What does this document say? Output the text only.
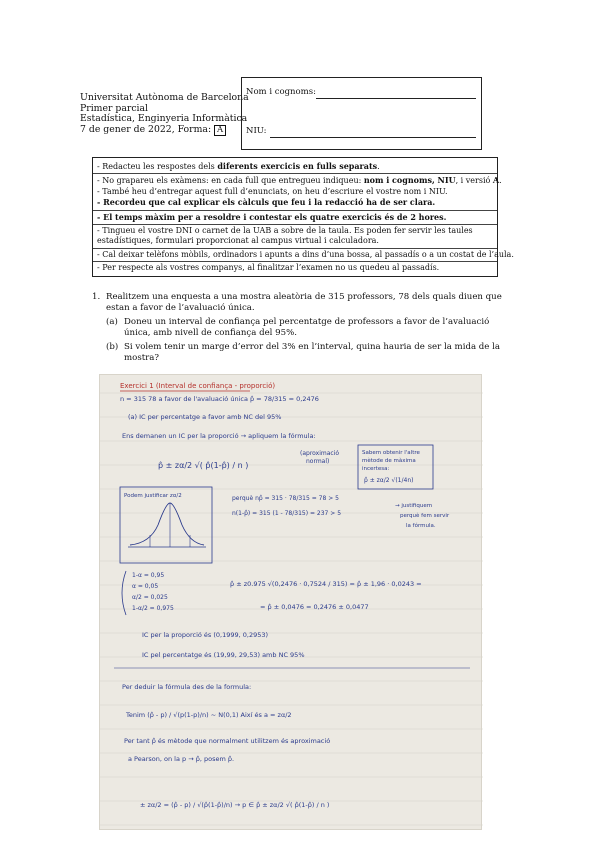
Universitat Autònoma de Barcelona
Primer parcial
Estadística, Enginyeria Informàtica
7 de gener de 2022, Forma: A
Nom i cognoms:
NIU:
- Redacteu les respostes dels diferents exercicis en fulls separats.
- No grapareu els exàmens: en cada full que entregueu indiqueu: nom i cognoms, NIU, i versió A.
- També heu d’entregar aquest full d’enunciats, on heu d’escriure el vostre nom i NIU.
- Recordeu que cal explicar els càlculs que feu i la redacció ha de ser clara.
- El temps màxim per a resoldre i contestar els quatre exercicis és de 2 hores.
- Tingueu el vostre DNI o carnet de la UAB a sobre de la taula. Es poden fer servir les taules estadístiques, formulari proporcionat al campus virtual i calculadora.
- Cal deixar telèfons mòbils, ordinadors i apunts a dins d’una bossa, al passadís o a un costat de l’aula.
- Per respecte als vostres companys, al finalitzar l’examen no us quedeu al passadís.
1. Realitzem una enquesta a una mostra aleatòria de 315 professors, 78 dels quals diuen que estan a favor de l’avaluació única.
(a) Doneu un interval de confiança pel percentatge de professors a favor de l’avaluació única, amb nivell de confiança del 95%.
(b) Si volem tenir un marge d’error del 3% en l’interval, quina hauria de ser la mida de la mostra?
Exercici 1 (Interval de confiança - proporció)
n = 315 78 a favor de l'avaluació única p̂ = 78/315 = 0,2476
(a) IC per percentatge a favor amb NC del 95%
Ens demanen un IC per la proporció → apliquem la fórmula:
p̂ ± zα/2 √( p̂(1-p̂) / n )
(aproximació
normal)
Sabem obtenir l'altre
mètode de màxima
incertesa:
p̂ ± zα/2 √(1/4n)
Podem justificar zα/2	perquè np̂ = 315 · 78/315 = 78 > 5
n(1-p̂) = 315 (1 - 78/315) = 237 > 5
→ justifiquem
perquè fem servir
la fórmula.
1-α = 0,95
α = 0,05
α/2 = 0,025
1-α/2 = 0,975
p̂ ± z0.975 √(0,2476 · 0,7524 / 315) = p̂ ± 1,96 · 0,0243 =
= p̂ ± 0,0476 = 0,2476 ± 0,0477
IC per la proporció és (0,1999, 0,2953)
IC pel percentatge és (19,99, 29,53) amb NC 95%
Per deduir la fórmula des de la formula:
Tenim (p̂ - p) / √(p(1-p)/n) ~ N(0,1) Així és a = zα/2
Per tant p̂ és mètode que normalment utilitzem és aproximació
a Pearson, on la p → p̂, posem p̂.
± zα/2 = (p̂ - p) / √(p̂(1-p̂)/n) → p ∈ p̂ ± zα/2 √( p̂(1-p̂) / n )
